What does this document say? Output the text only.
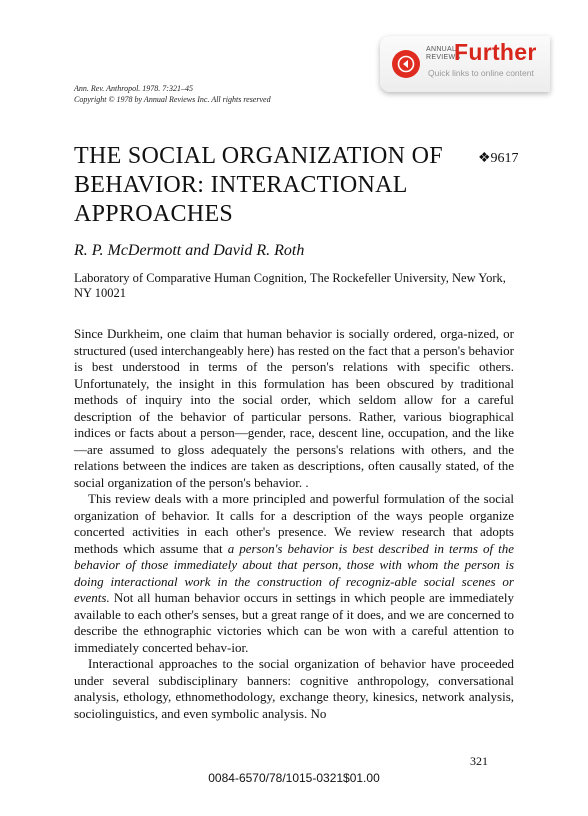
Ann. Rev. Anthropol. 1978. 7:321–45
Copyright © 1978 by Annual Reviews Inc. All rights reserved
ANNUAL
REVIEWS
Further
Quick links to online content
THE SOCIAL ORGANIZATION OF BEHAVIOR: INTERACTIONAL APPROACHES
❖9617
R. P. McDermott and David R. Roth
Laboratory of Comparative Human Cognition, The Rockefeller University, New York, NY 10021

Since Durkheim, one claim that human behavior is socially ordered, orga-nized, or structured (used interchangeably here) has rested on the fact that a person's behavior is best understood in terms of the person's relations with specific others. Unfortunately, the insight in this formulation has been obscured by traditional methods of inquiry into the social order, which seldom allow for a careful description of the behavior of particular persons. Rather, various biographical indices or facts about a person—gender, race, descent line, occupation, and the like—are assumed to gloss adequately the persons's relations with others, and the relations between the indices are taken as descriptions, often causally stated, of the social organization of the person's behavior. .

This review deals with a more principled and powerful formulation of the social organization of behavior. It calls for a description of the ways people organize concerted activities in each other's presence. We review research that adopts methods which assume that a person's behavior is best described in terms of the behavior of those immediately about that person, those with whom the person is doing interactional work in the construction of recogniz-able social scenes or events. Not all human behavior occurs in settings in which people are immediately available to each other's senses, but a great range of it does, and we are concerned to describe the ethnographic victories which can be won with a careful attention to immediately concerted behav-ior.

Interactional approaches to the social organization of behavior have proceeded under several subdisciplinary banners: cognitive anthropology, conversational analysis, ethology, ethnomethodology, exchange theory, kinesics, network analysis, sociolinguistics, and even symbolic analysis. No

321
0084-6570/78/1015-0321$01.00
